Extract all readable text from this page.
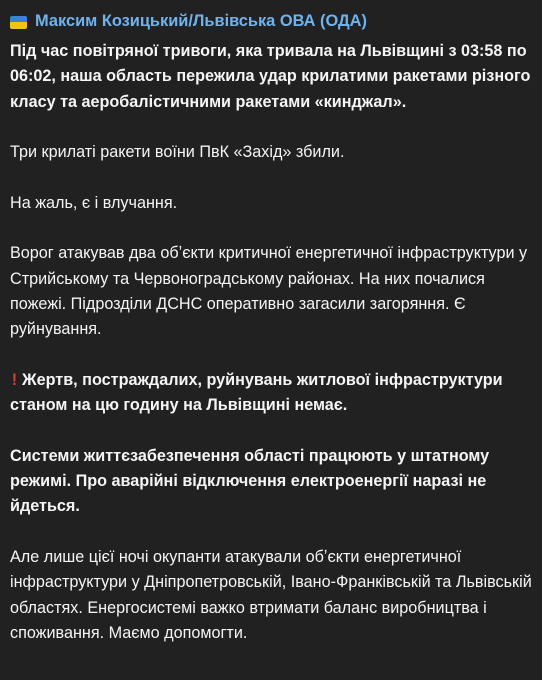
Максим Козицький/Львівська ОВА (ОДА)
Під час повітряної тривоги, яка тривала на Львівщині з 03:58 по 06:02, наша область пережила удар крилатими ракетами різного класу та аеробалістичними ракетами «кинджал».
Три крилаті ракети воїни ПвК «Захід» збили.
На жаль, є і влучання.
Ворог атакував два обʼєкти критичної енергетичної інфраструктури у Стрийському та Червоноградському районах. На них почалися пожежі. Підрозділи ДСНС оперативно загасили загоряння. Є руйнування.
! Жертв, постраждалих, руйнувань житлової інфраструктури станом на цю годину на Львівщині немає.
Системи життєзабезпечення області працюють у штатному режимі. Про аварійні відключення електроенергії наразі не йдеться.
Але лише цієї ночі окупанти атакували обʼєкти енергетичної інфраструктури у Дніпропетровській, Івано-Франківській та Львівській областях. Енергосистемі важко втримати баланс виробництва і споживання. Маємо допомогти.
